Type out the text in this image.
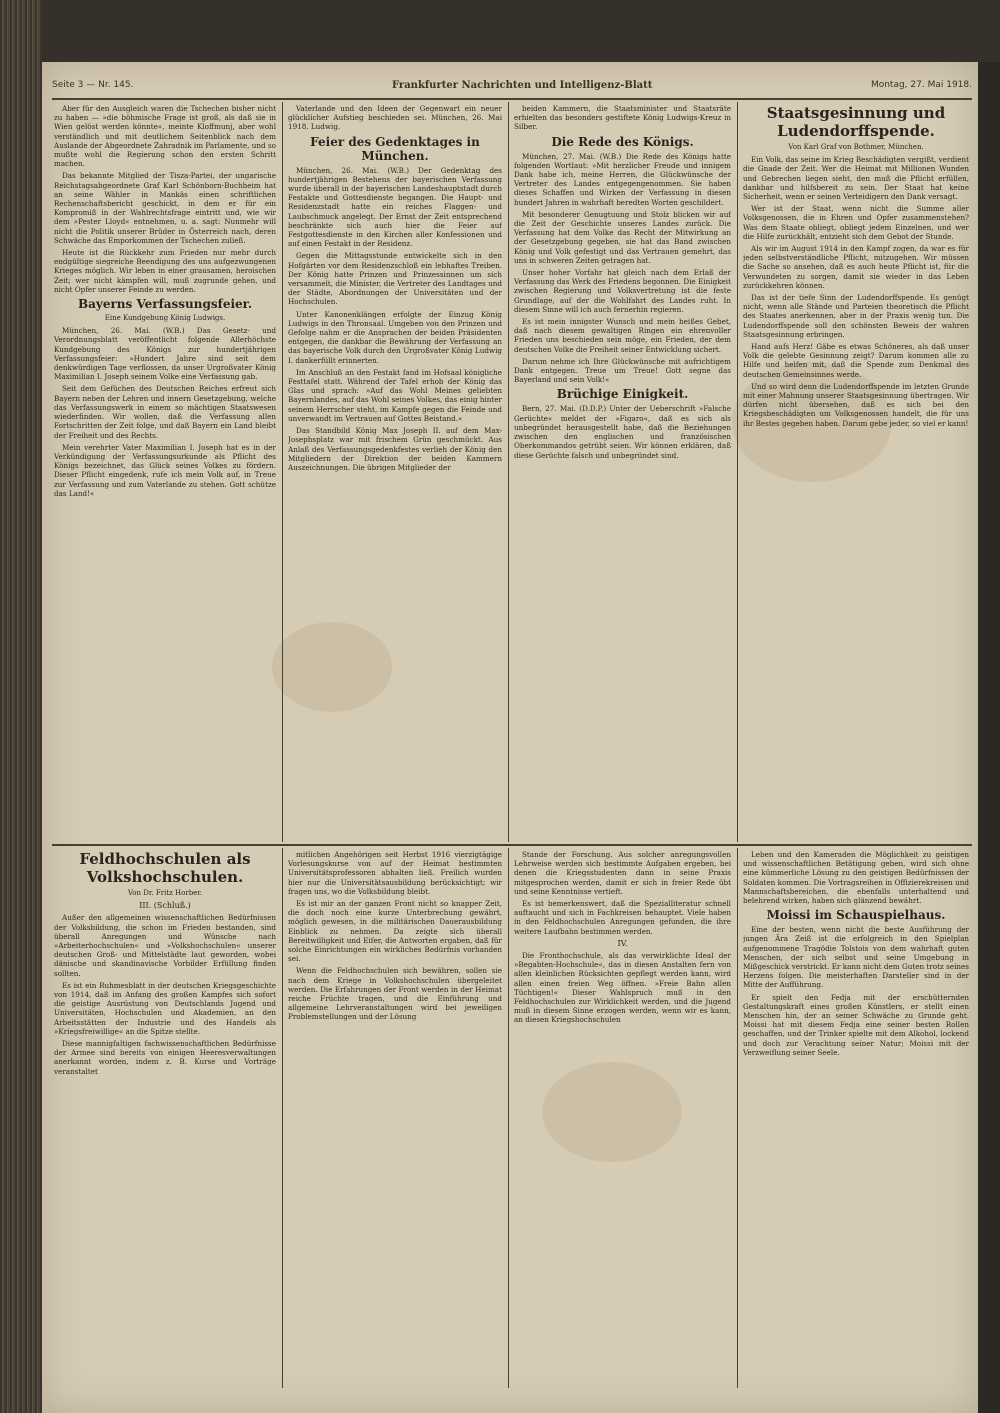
Seite 3 — Nr. 145.	Frankfurter Nachrichten und Intelligenz-Blatt	Montag, 27. Mai 1918.

Aber für den Ausgleich waren die Tschechen bisher nicht zu haben — »die böhmische Frage ist groß, als daß sie in Wien gelöst werden könnte«, meinte Kloffmunj, aber wohl verständlich und mit deutlichem Seitenblick nach dem Auslande der Abgeordnete Zahradnik im Parlamente, und so mußte wohl die Regierung schon den ersten Schritt machen.

Das bekannte Mitglied der Tisza-Partei, der ungarische Reichstagsabgeordnete Graf Karl Schönborn-Buchheim hat an seine Wähler in Mankäs einen schriftlichen Rechenschaftsbericht geschickt, in dem er für ein Kompromiß in der Wahlrechtsfrage eintritt und, wie wir dem »Pester Lloyd« entnehmen, u. a. sagt: Nunmehr will nicht die Politik unserer Brüder in Österreich nach, deren Schwäche das Emporkommen der Tschechen zuließ.

Heute ist die Rückkehr zum Frieden nur mehr durch endgültige siegreiche Beendigung des uns aufgezwungenen Krieges möglich. Wir leben in einer grausamen, heroischen Zeit; wer nicht kämpfen will, muß zugrunde gehen, und nicht Opfer unserer Feinde zu werden.

Bayerns Verfassungsfeier.

Eine Kundgebung König Ludwigs.

München, 26. Mai. (W.B.) Das Gesetz- und Verordnungsblatt veröffentlicht folgende Allerhöchste Kundgebung des Königs zur hundertjährigen Verfassungsfeier: »Hundert Jahre sind seit dem denkwürdigen Tage verflossen, da unser Urgroßvater König Maximilian I. Joseph seinem Volke eine Verfassung gab.

Seit dem Gefüchen des Deutschen Reiches erfreut sich Bayern neben der Lehren und innern Gesetzgebung, welche das Verfassungswerk in einem so mächtigen Staatswesen wiederfinden. Wir wollen, daß die Verfassung allen Fortschritten der Zeit folge, und daß Bayern ein Land bleibt der Freiheit und des Rechts.

Mein verehrter Vater Maximilian I. Joseph hat es in der Verkündigung der Verfassungsurkunde als Pflicht des Königs bezeichnet, das Glück seines Volkes zu fördern. Dieser Pflicht eingedenk, rufe ich mein Volk auf, in Treue zur Verfassung und zum Vaterlande zu stehen. Gott schütze das Land!«

Vaterlande und den Ideen der Gegenwart ein neuer glücklicher Aufstieg beschieden sei. München, 26. Mai 1918. Ludwig.

Feier des Gedenktages in München.

München, 26. Mai. (W.B.) Der Gedenktag des hundertjährigen Bestehens der bayerischen Verfassung wurde überall in der bayerischen Landeshauptstadt durch Festakte und Gottesdienste begangen. Die Haupt- und Residenzstadt hatte ein reiches Flaggen- und Laubschmuck angelegt. Der Ernst der Zeit entsprechend beschränkte sich auch hier die Feier auf Festgottesdienste in den Kirchen aller Konfessionen und auf einen Festakt in der Residenz.

Gegen die Mittagsstunde entwickelte sich in den Hofgärten vor dem Residenzschloß ein lebhaftes Treiben. Der König hatte Prinzen und Prinzessinnen um sich versammelt, die Minister, die Vertreter des Landtages und der Städte, Abordnungen der Universitäten und der Hochschulen.

Unter Kanonenklängen erfolgte der Einzug König Ludwigs in den Thronsaal. Umgeben von den Prinzen und Gefolge nahm er die Ansprachen der beiden Präsidenten entgegen, die dankbar die Bewährung der Verfassung an das bayerische Volk durch den Urgroßvater König Ludwig I. dankerfüllt erinnerten.

Im Anschluß an den Festakt fand im Hofsaal königliche Festtafel statt. Während der Tafel erhob der König das Glas und sprach: »Auf das Wohl Meines geliebten Bayernlandes, auf das Wohl seines Volkes, das einig hinter seinem Herrscher steht, im Kampfe gegen die Feinde und unverwandt im Vertrauen auf Gottes Beistand.«

Das Standbild König Max Joseph II. auf dem Max-Josephsplatz war mit frischem Grün geschmückt. Aus Anlaß des Verfassungsgedenkfestes verlieh der König den Mitgliedern der Direktion der beiden Kammern Auszeichnungen. Die übrigen Mitglieder der

beiden Kammern, die Staatsminister und Staatsräte erhielten das besonders gestiftete König Ludwigs-Kreuz in Silber.

Die Rede des Königs.

München, 27. Mai. (W.B.) Die Rede des Königs hatte folgenden Wortlaut: »Mit herzlicher Freude und innigem Dank habe ich, meine Herren, die Glückwünsche der Vertreter des Landes entgegengenommen. Sie haben dieses Schaffen und Wirken der Verfassung in diesen hundert Jahren in wahrhaft beredten Worten geschildert.

Mit besonderer Genugtuung und Stolz blicken wir auf die Zeit der Geschichte unseres Landes zurück. Die Verfassung hat dem Volke das Recht der Mitwirkung an der Gesetzgebung gegeben, sie hat das Band zwischen König und Volk gefestigt und das Vertrauen gemehrt, das uns in schweren Zeiten getragen hat.

Unser hoher Vorfahr hat gleich nach dem Erlaß der Verfassung das Werk des Friedens begonnen. Die Einigkeit zwischen Regierung und Volksvertretung ist die feste Grundlage, auf der die Wohlfahrt des Landes ruht. In diesem Sinne will ich auch fernerhin regieren.

Es ist mein innigster Wunsch und mein heißes Gebet, daß nach diesem gewaltigen Ringen ein ehrenvoller Frieden uns beschieden sein möge, ein Frieden, der dem deutschen Volke die Freiheit seiner Entwicklung sichert.

Darum nehme ich Ihre Glückwünsche mit aufrichtigem Dank entgegen. Treue um Treue! Gott segne das Bayerland und sein Volk!«

Brüchige Einigkeit.

Bern, 27. Mai. (D.D.P.) Unter der Ueberschrift »Falsche Gerüchte« meldet der »Figaro«, daß es sich als unbegründet herausgestellt habe, daß die Beziehungen zwischen den englischen und französischen Oberkommandos getrübt seien. Wir können erklären, daß diese Gerüchte falsch und unbegründet sind.

Staatsgesinnung und Ludendorffspende.

Von Karl Graf von Bothmer, München.

Ein Volk, das seine im Krieg Beschädigten vergißt, verdient die Gnade der Zeit. Wer die Heimat mit Millionen Wunden und Gebrechen liegen sieht, den muß die Pflicht erfüllen, dankbar und hilfsbereit zu sein. Der Staat hat keine Sicherheit, wenn er seinen Verteidigern den Dank versagt.

Wer ist der Staat, wenn nicht die Summe aller Volksgenossen, die in Ehren und Opfer zusammenstehen? Was dem Staate obliegt, obliegt jedem Einzelnen, und wer die Hilfe zurückhält, entzieht sich dem Gebot der Stunde.

Als wir im August 1914 in den Kampf zogen, da war es für jeden selbstverständliche Pflicht, mitzugehen. Wir müssen die Sache so ansehen, daß es auch heute Pflicht ist, für die Verwundeten zu sorgen, damit sie wieder in das Leben zurückkehren können.

Das ist der tiefe Sinn der Ludendorffspende. Es genügt nicht, wenn alle Stände und Parteien theoretisch die Pflicht des Staates anerkennen, aber in der Praxis wenig tun. Die Ludendorffspende soll den schönsten Beweis der wahren Staatsgesinnung erbringen.

Hand aufs Herz! Gäbe es etwas Schöneres, als daß unser Volk die gelebte Gesinnung zeigt? Darum kommen alle zu Hilfe und helfen mit, daß die Spende zum Denkmal des deutschen Gemeinsinnes werde.

Und so wird denn die Ludendorffspende im letzten Grunde mit einer Mahnung unserer Staatsgesinnung übertragen. Wir dürfen nicht übersehen, daß es sich bei den Kriegsbeschädigten um Volksgenossen handelt, die für uns ihr Bestes gegeben haben. Darum gebe jeder, so viel er kann!

Feldhochschulen als Volkshochschulen.

Von Dr. Fritz Horber.

III. (Schluß.)

Außer den allgemeinen wissenschaftlichen Bedürfnissen der Volksbildung, die schon im Frieden bestanden, sind überall Anregungen und Wünsche nach »Arbeiterhochschulen« und »Volkshochschulen« unserer deutschen Groß- und Mittelstädte laut geworden, wobei dänische und skandinavische Vorbilder Erfüllung finden sollten.

Es ist ein Ruhmesblatt in der deutschen Kriegsgeschichte von 1914, daß im Anfang des großen Kampfes sich sofort die geistige Ausrüstung von Deutschlands Jugend und Universitäten, Hochschulen und Akademien, an den Arbeitsstätten der Industrie und des Handels als »Kriegsfreiwillige« an die Spitze stellte.

Diese mannigfaltigen fachwissenschaftlichen Bedürfnisse der Armee sind bereits von einigen Heeresverwaltungen anerkannt worden, indem z. B. Kurse und Vorträge veranstaltet

mitlichen Angehörigen seit Herbst 1916 vierzigtägige Vorlesungskurse von auf der Heimat bestimmten Universitätsprofessoren abhalten ließ. Freilich wurden hier nur die Universitätsausbildung berücksichtigt; wir fragen uns, wo die Volksbildung bleibt.

Es ist mir an der ganzen Front nicht so knapper Zeit, die doch noch eine kurze Unterbrechung gewährt, möglich gewesen, in die militärischen Dauerausbildung Einblick zu nehmen. Da zeigte sich überall Bereitwilligkeit und Eifer, die Antworten ergaben, daß für solche Einrichtungen ein wirkliches Bedürfnis vorhanden sei.

Wenn die Feldhochschulen sich bewähren, sollen sie nach dem Kriege in Volkshochschulen übergeleitet werden. Die Erfahrungen der Front werden in der Heimat reiche Früchte tragen, und die Einführung und allgemeine Lehrveranstaltungen wird bei jeweiligen Problemstellungen und der Lösung

Stande der Forschung. Aus solcher anregungsvollen Lehrweise werden sich bestimmte Aufgaben ergeben, bei denen die Kriegsstudenten dann in seine Praxis mitgesprochen werden, damit er sich in freier Rede übt und seine Kenntnisse vertieft.

Es ist bemerkenswert, daß die Spezialliteratur schnell auftaucht und sich in Fachkreisen behauptet. Viele haben in den Feldhochschulen Anregungen gefunden, die ihre weitere Laufbahn bestimmen werden.

IV.

Die Fronthochschule, als das verwirklichte Ideal der »Begabten-Hochschule«, das in diesen Anstalten fern von allen kleinlichen Rücksichten gepflegt werden kann, wird allen einen freien Weg öffnen. »Freie Bahn allen Tüchtigen!« Dieser Wahlspruch muß in den Feldhochschulen zur Wirklichkeit werden, und die Jugend muß in diesem Sinne erzogen werden, wenn wir es kann, an diesen Kriegshochschulen

Leben und den Kameraden die Möglichkeit zu geistigen und wissenschaftlichen Betätigung geben, wird sich ohne eine kümmerliche Lösung zu den geistigen Bedürfnissen der Soldaten kommen. Die Vortragsreihen in Offizierekreisen und Mannschaftsbereichen, die ebenfalls unterhaltend und belehrend wirken, haben sich glänzend bewährt.

Moissi im Schauspielhaus.

Eine der besten, wenn nicht die beste Ausführung der jungen Ära Zeiß ist die erfolgreich in den Spielplan aufgenommene Tragödie Tolstois von dem wahrhaft guten Menschen, der sich selbst und seine Umgebung in Mißgeschick verstrickt. Er kann nicht dem Guten trotz seines Herzens folgen. Die meisterhaften Darsteller sind in der Mitte der Aufführung.

Er spielt den Fedja mit der erschütternden Gestaltungskraft eines großen Künstlers, er stellt einen Menschen hin, der an seiner Schwäche zu Grunde geht. Moissi hat mit diesem Fedja eine seiner besten Rollen geschaffen, und der Trinker spielte mit dem Alkohol, lockend und doch zur Verachtung seiner Natur; Moissi mit der Verzweiflung seiner Seele.
